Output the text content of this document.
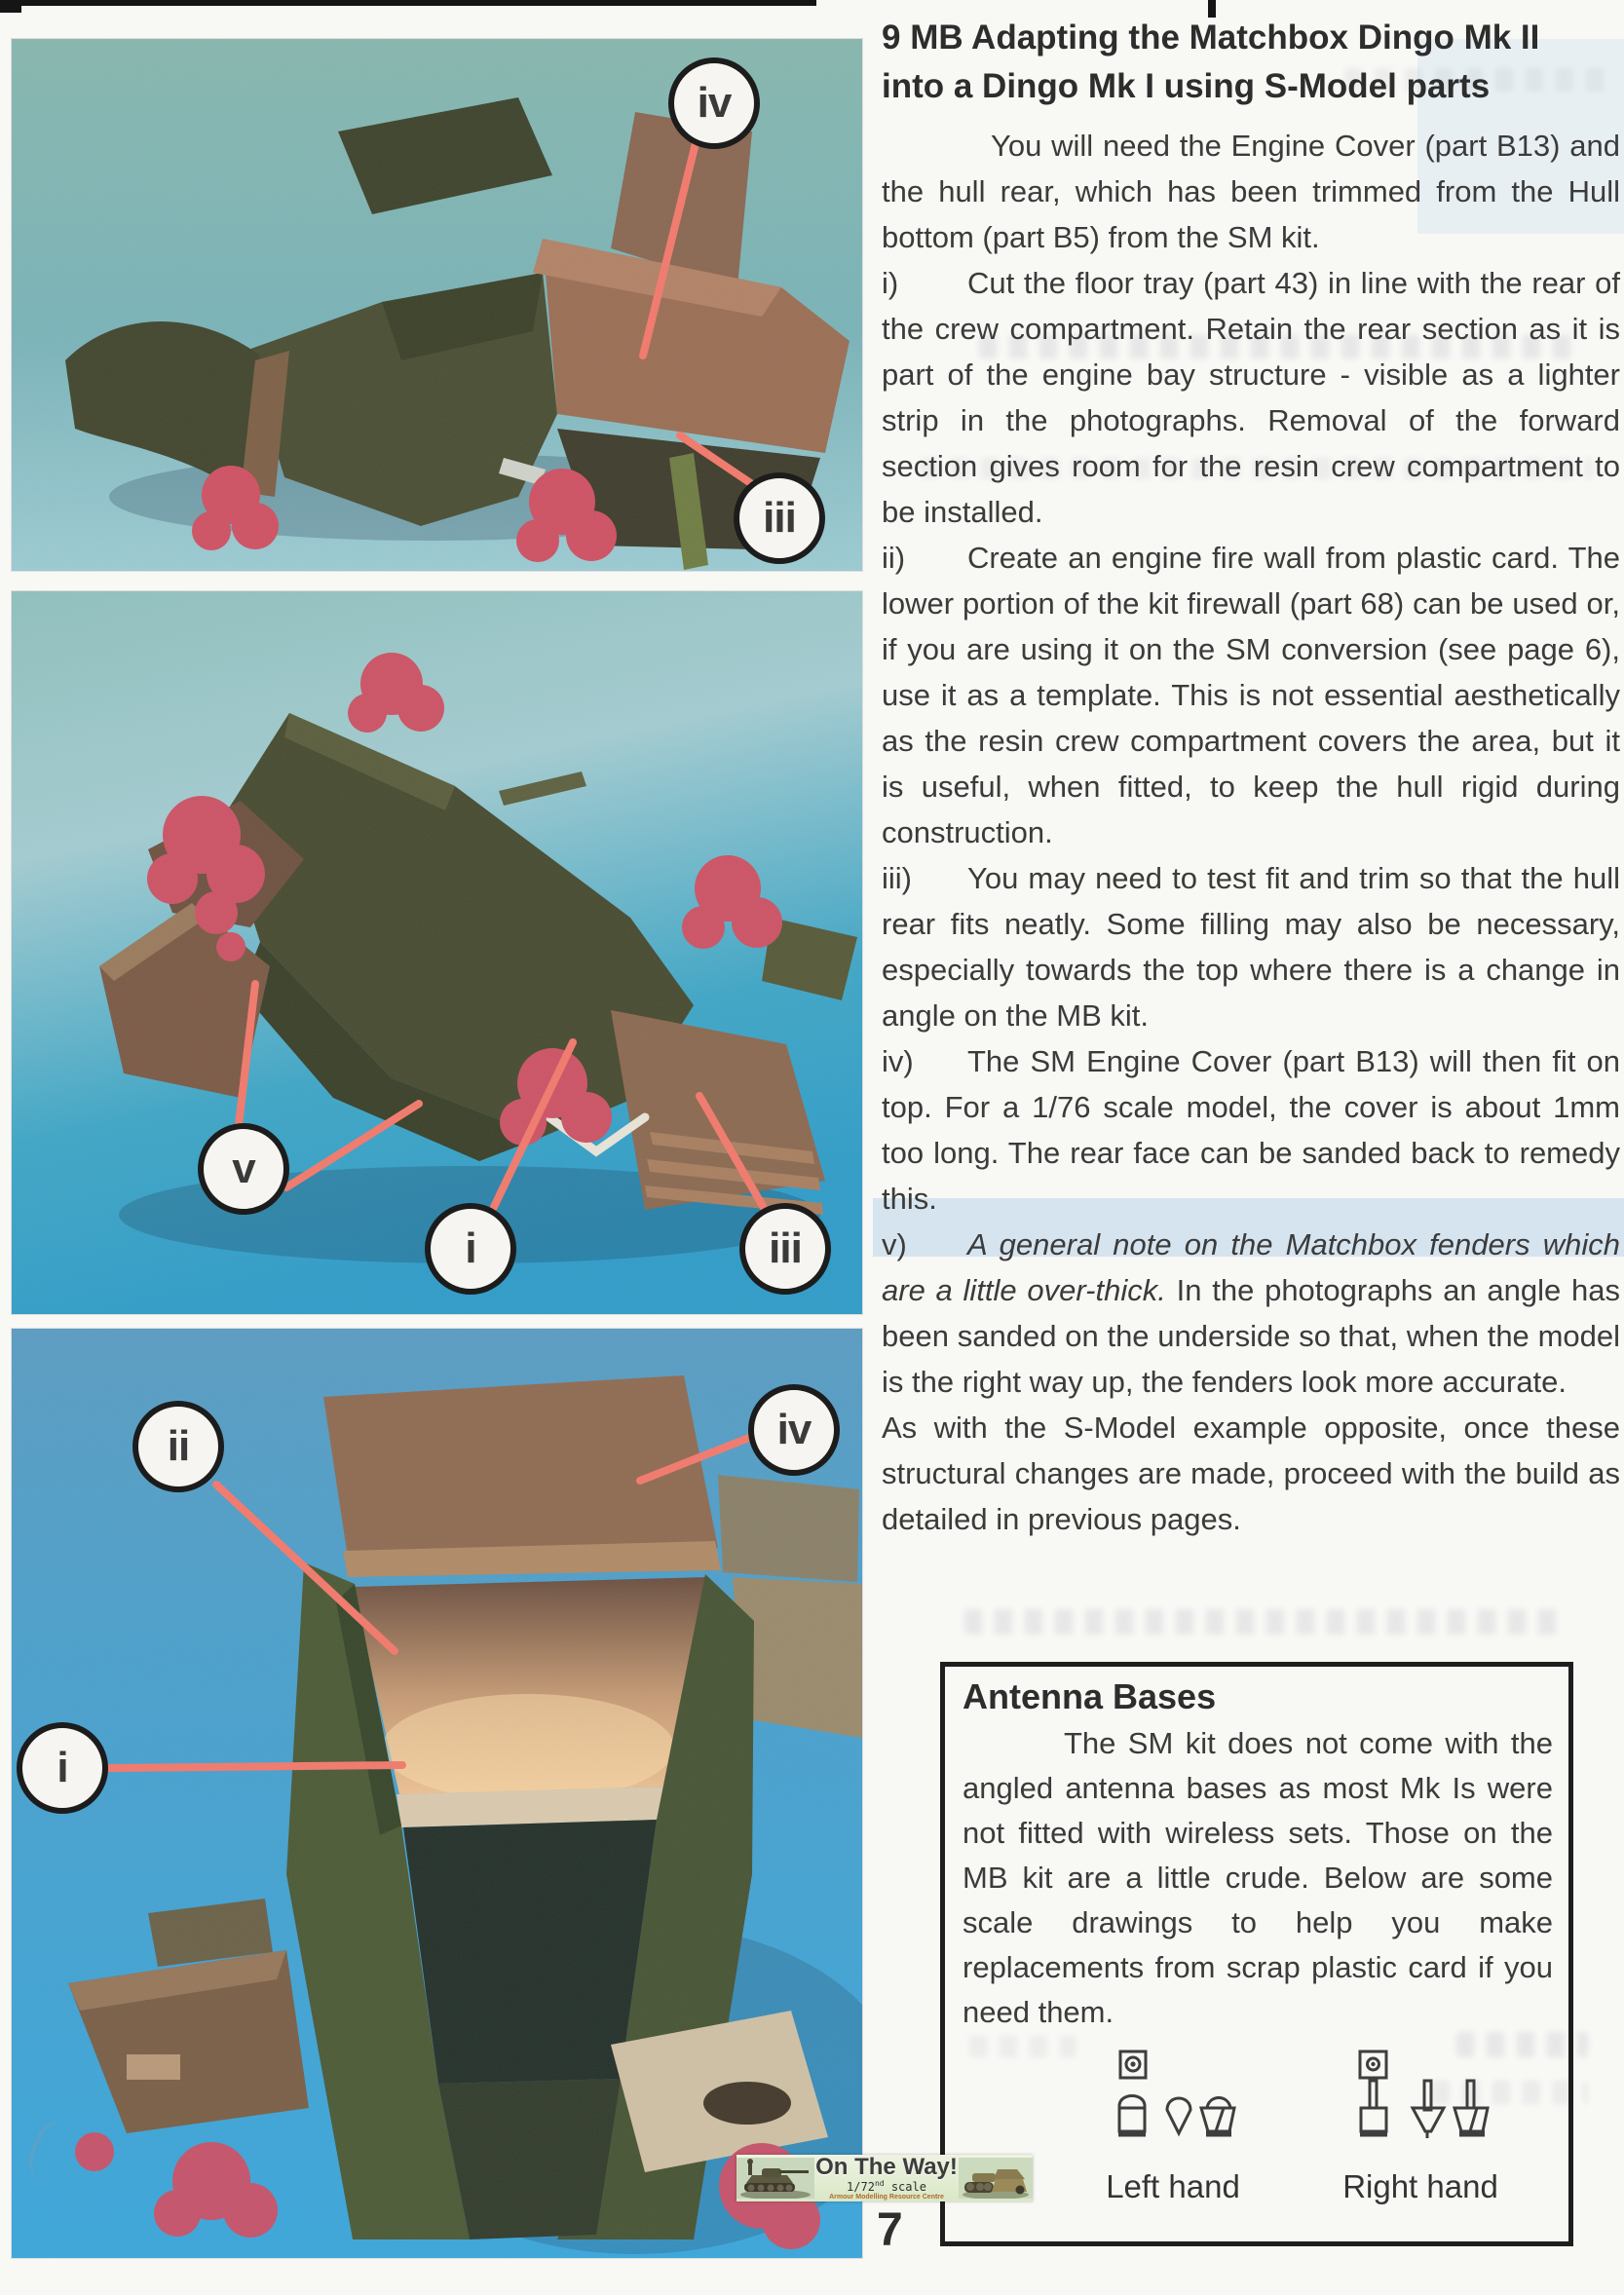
iv
iii
v
i	iii
ii	iv
i
9 MB Adapting the Matchbox Dingo Mk II
into a Dingo Mk I using S-Model parts

You will need the Engine Cover (part B13) and the hull rear, which has been trimmed from the Hull bottom (part B5) from the SM kit.

i) Cut the floor tray (part 43) in line with the rear of the crew compartment. Retain the rear section as it is part of the engine bay structure - visible as a lighter strip in the photographs. Removal of the forward section gives room for the resin crew compartment to be installed.

ii) Create an engine fire wall from plastic card. The lower portion of the kit firewall (part 68) can be used or, if you are using it on the SM conversion (see page 6), use it as a template. This is not essential aesthetically as the resin crew compartment covers the area, but it is useful, when fitted, to keep the hull rigid during construction.

iii) You may need to test fit and trim so that the hull rear fits neatly. Some filling may also be necessary, especially towards the top where there is a change in angle on the MB kit.

iv) The SM Engine Cover (part B13) will then fit on top. For a 1/76 scale model, the cover is about 1mm too long. The rear face can be sanded back to remedy this.

v) A general note on the Matchbox fenders which are a little over-thick. In the photographs an angle has been sanded on the underside so that, when the model is the right way up, the fenders look more accurate.

As with the S-Model example opposite, once these structural changes are made, proceed with the build as detailed in previous pages.

Antenna Bases

The SM kit does not come with the angled antenna bases as most Mk Is were not fitted with wireless sets. Those on the MB kit are a little crude. Below are some scale drawings to help you make replacements from scrap plastic card if you need them.

Left hand	Right hand
On The Way!
1/72nd scale
Armour Modelling Resource Centre
7
